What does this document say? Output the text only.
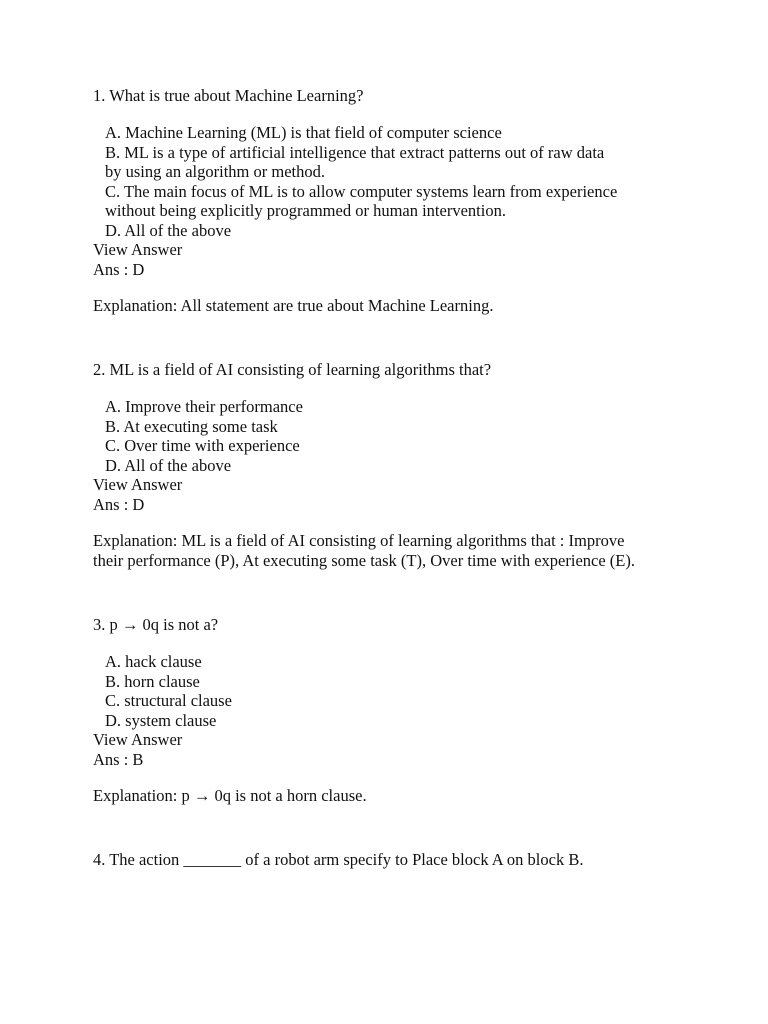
1. What is true about Machine Learning?
A. Machine Learning (ML) is that field of computer science
B. ML is a type of artificial intelligence that extract patterns out of raw data
by using an algorithm or method.
C. The main focus of ML is to allow computer systems learn from experience
without being explicitly programmed or human intervention.
D. All of the above
View Answer
Ans : D
Explanation: All statement are true about Machine Learning.
2. ML is a field of AI consisting of learning algorithms that?
A. Improve their performance
B. At executing some task
C. Over time with experience
D. All of the above
View Answer
Ans : D
Explanation: ML is a field of AI consisting of learning algorithms that : Improve their performance (P), At executing some task (T), Over time with experience (E).
3. p → 0q is not a?
A. hack clause
B. horn clause
C. structural clause
D. system clause
View Answer
Ans : B
Explanation: p → 0q is not a horn clause.
4. The action _______ of a robot arm specify to Place block A on block B.
